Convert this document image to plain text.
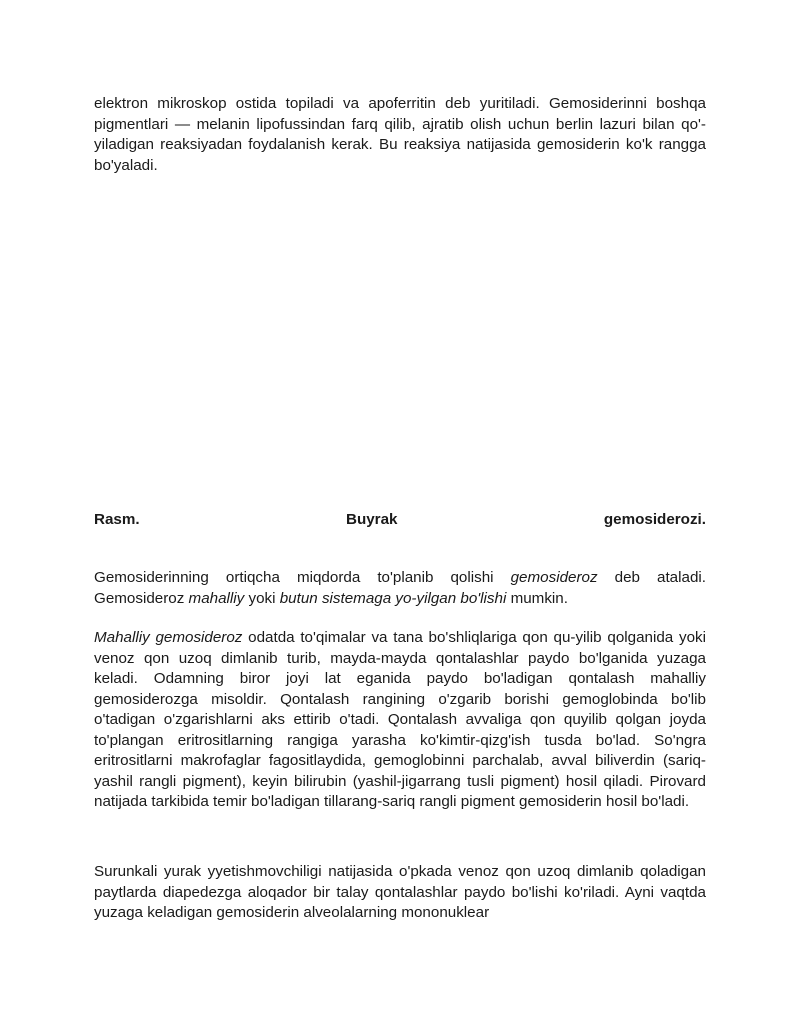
elektron mikroskop ostida topiladi va apoferritin deb yuritiladi. Gemosiderinni boshqa pigmentlari — melanin lipofussindan farq qilib, ajratib olish uchun berlin lazuri bilan qo'-yiladigan reaksiyadan foydalanish kerak. Bu reaksiya natijasida gemosiderin ko'k rangga bo'yaladi.

Rasm.	Buyrak	gemosiderozi.

Gemosiderinning ortiqcha miqdorda to'planib qolishi gemosideroz deb ataladi. Gemosideroz mahalliy yoki butun sistemaga yo-yilgan bo'lishi mumkin.

Mahalliy gemosideroz odatda to'qimalar va tana bo'shliqlariga qon qu-yilib qolganida yoki venoz qon uzoq dimlanib turib, mayda-mayda qontalashlar paydo bo'lganida yuzaga keladi. Odamning biror joyi lat eganida paydo bo'ladigan qontalash mahalliy gemosiderozga misoldir. Qontalash rangining o'zgarib borishi gemoglobinda bo'lib o'tadigan o'zgarishlarni aks ettirib o'tadi. Qontalash avvaliga qon quyilib qolgan joyda to'plangan eritrositlarning rangiga yarasha ko'kimtir-qizg'ish tusda bo'lad. So'ngra eritrositlarni makrofaglar fagositlaydida, gemoglobinni parchalab, avval biliverdin (sariq-yashil rangli pigment), keyin bilirubin (yashil-jigarrang tusli pigment) hosil qiladi. Pirovard natijada tarkibida temir bo'ladigan tillarang-sariq rangli pigment gemosiderin hosil bo'ladi.

Surunkali yurak yyetishmovchiligi natijasida o'pkada venoz qon uzoq dimlanib qoladigan paytlarda diapedezga aloqador bir talay qontalashlar paydo bo'lishi ko'riladi. Ayni vaqtda yuzaga keladigan gemosiderin alveolalarning mononuklear
